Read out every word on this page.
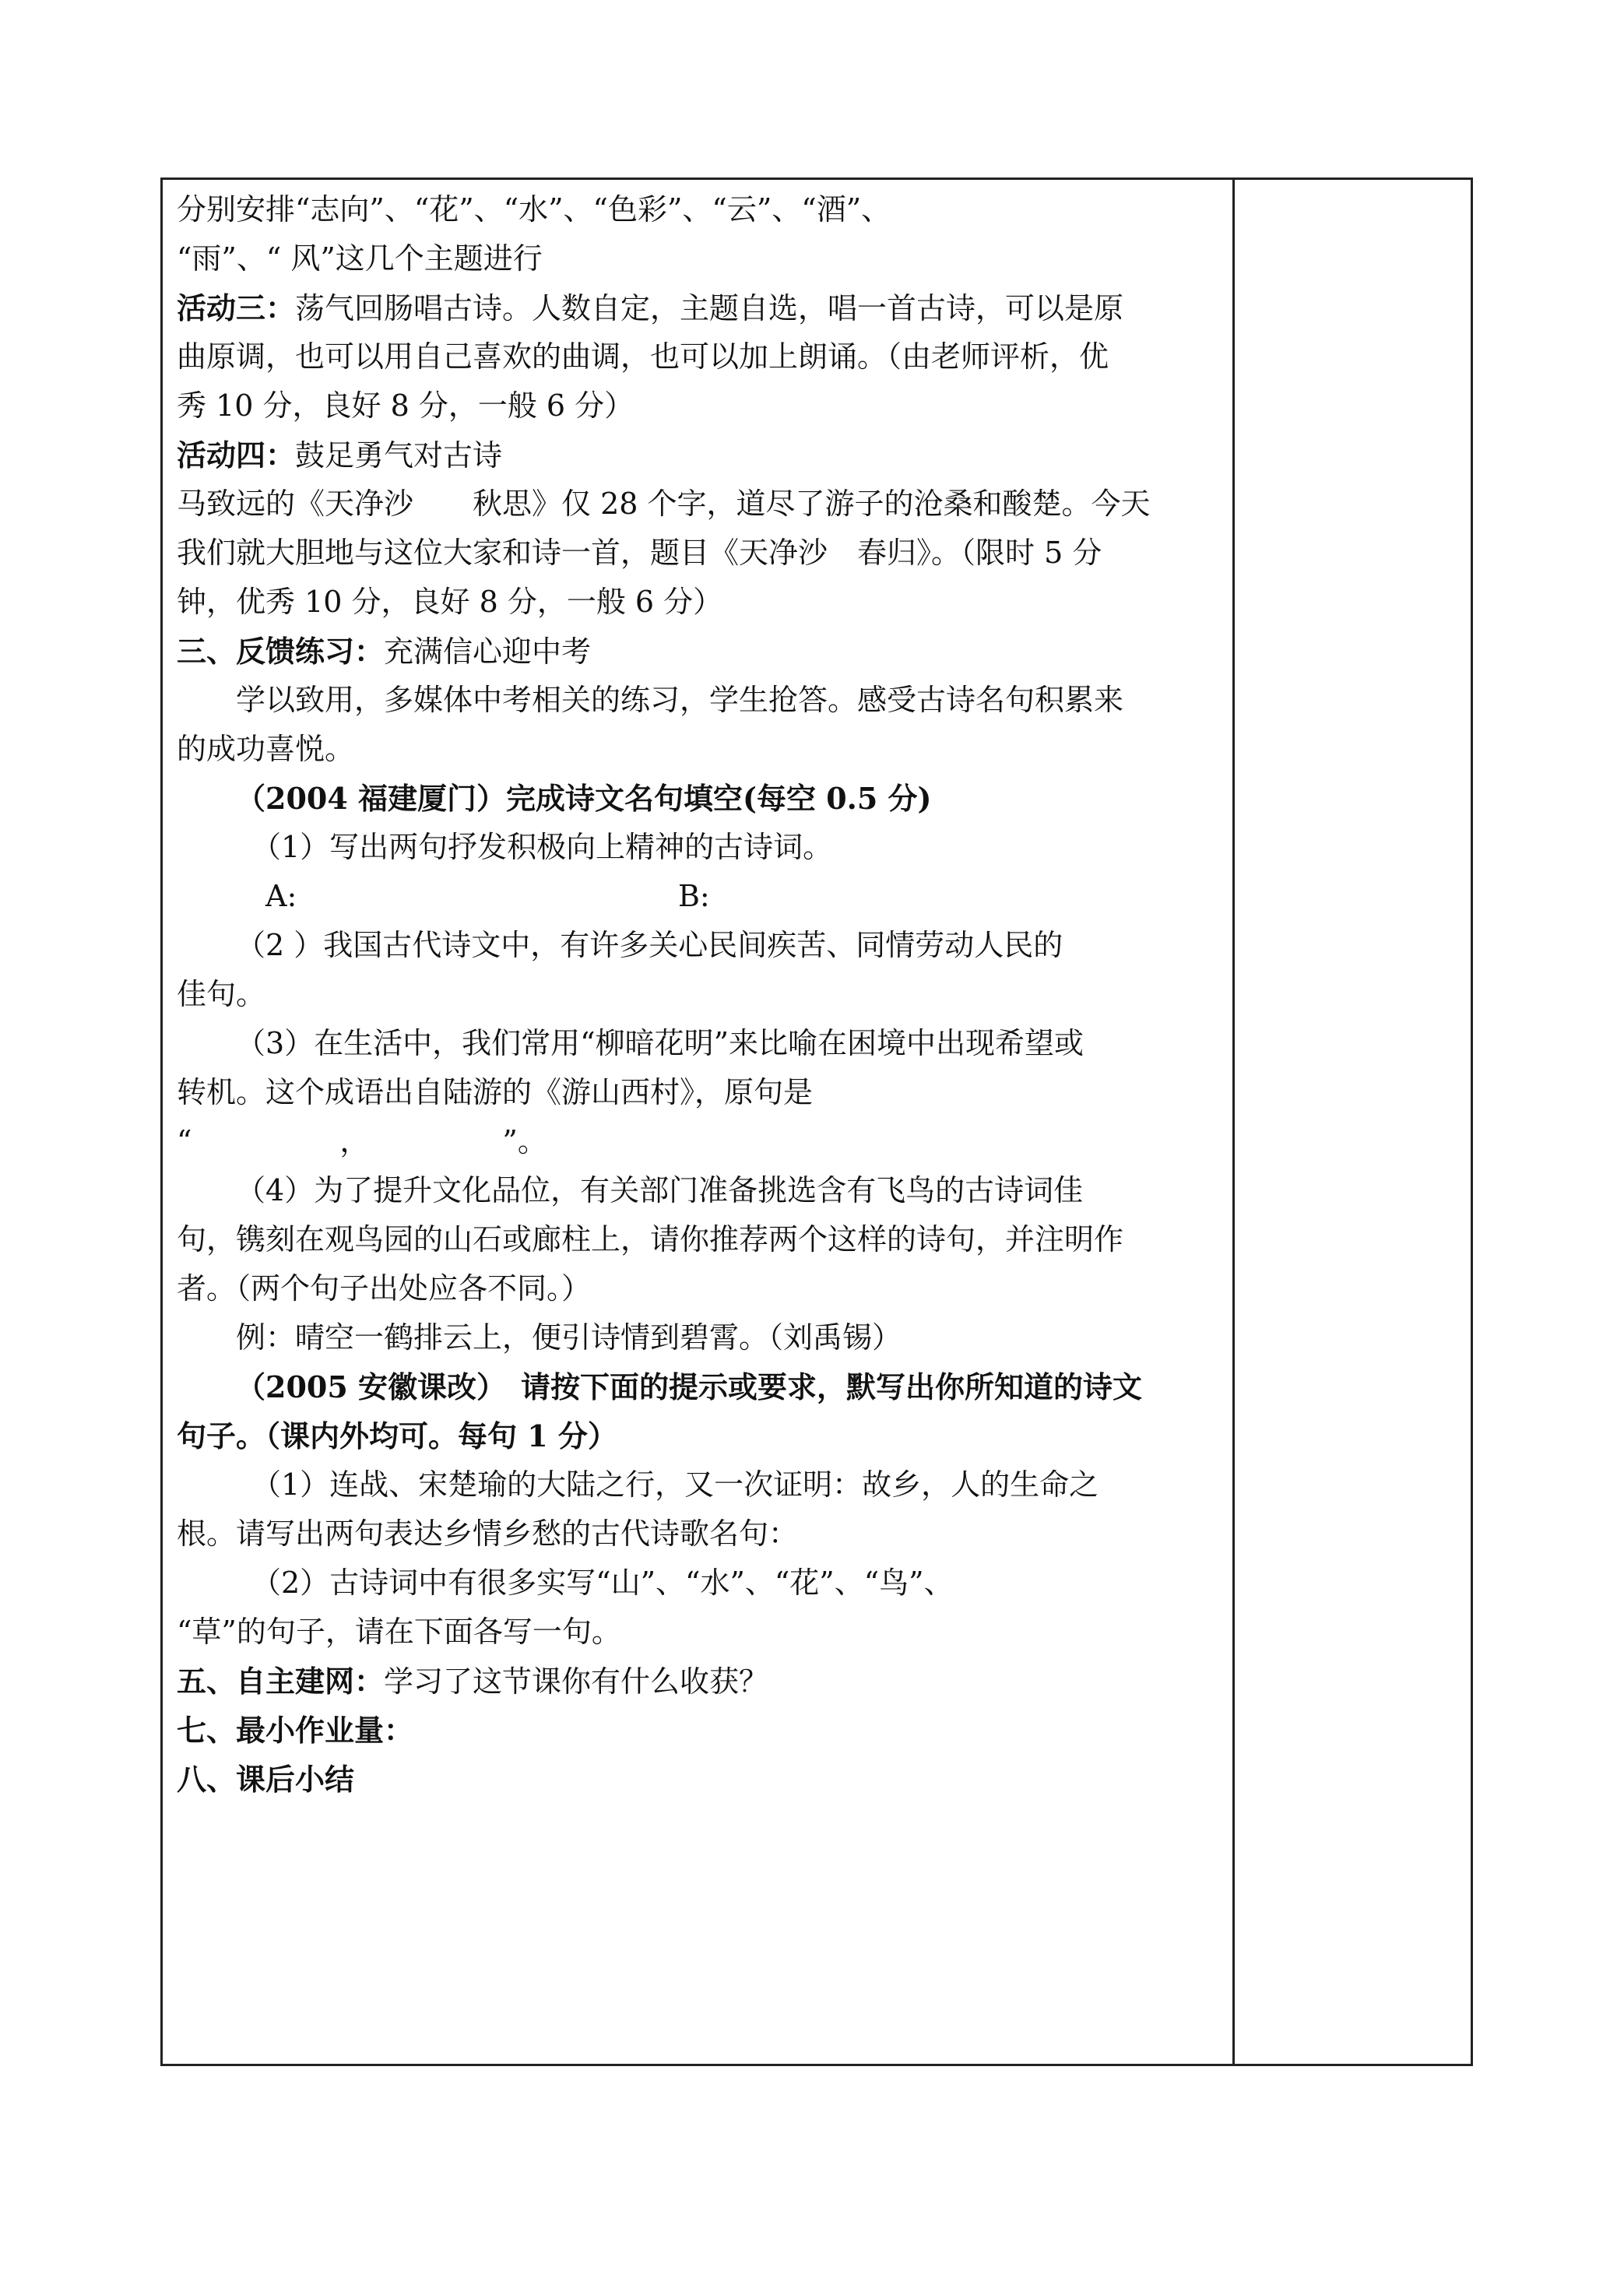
分别安排“志向”、“花”、“水”、“色彩”、“云”、“酒”、
“雨”、“ 风”这几个主题进行
活动三：荡气回肠唱古诗。人数自定，主题自选，唱一首古诗，可以是原
曲原调，也可以用自己喜欢的曲调，也可以加上朗诵。（由老师评析，优
秀 10 分，良好 8 分，一般 6 分）
活动四：鼓足勇气对古诗
马致远的《天净沙　　秋思》仅 28 个字，道尽了游子的沧桑和酸楚。今天
我们就大胆地与这位大家和诗一首，题目《天净沙　春归》。（限时 5 分
钟，优秀 10 分，良好 8 分，一般 6 分）
三、反馈练习：充满信心迎中考
学以致用，多媒体中考相关的练习，学生抢答。感受古诗名句积累来
的成功喜悦。
（2004 福建厦门）完成诗文名句填空(每空 0.5 分)
（1）写出两句抒发积极向上精神的古诗词。
A:	B:
（2 ）我国古代诗文中，有许多关心民间疾苦、同情劳动人民的
佳句。
（3）在生活中，我们常用“柳暗花明”来比喻在困境中出现希望或
转机。这个成语出自陆游的《游山西村》，原句是
“　　　　　，　　　　　”。
（4）为了提升文化品位，有关部门准备挑选含有飞鸟的古诗词佳
句，镌刻在观鸟园的山石或廊柱上，请你推荐两个这样的诗句，并注明作
者。（两个句子出处应各不同。）
例：晴空一鹤排云上，便引诗情到碧霄。（刘禹锡）
（2005 安徽课改）　请按下面的提示或要求，默写出你所知道的诗文
句子。（课内外均可。每句 1 分）
（1）连战、宋楚瑜的大陆之行，又一次证明：故乡，人的生命之
根。请写出两句表达乡情乡愁的古代诗歌名句：
（2）古诗词中有很多实写“山”、“水”、“花”、“鸟”、
“草”的句子，请在下面各写一句。
五、自主建网：学习了这节课你有什么收获？
七、最小作业量：
八、课后小结
